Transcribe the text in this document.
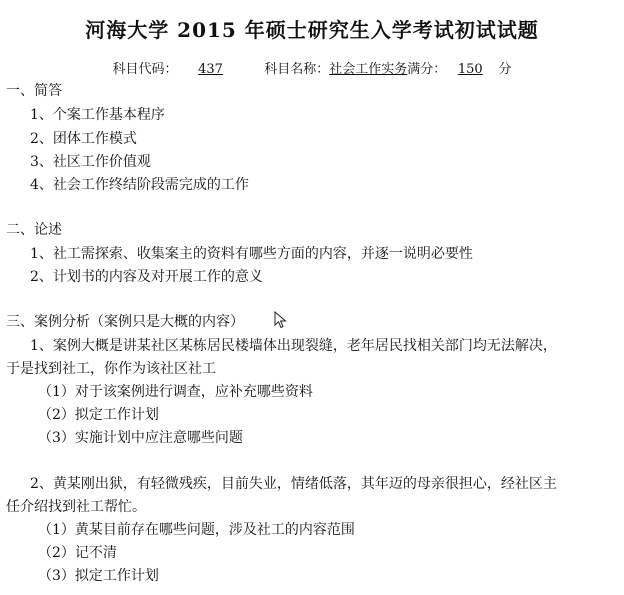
河海大学 2015 年硕士研究生入学考试初试试题
科目代码： 437	科目名称：社会工作实务满分： 150 分
一、简答
1、个案工作基本程序
2、团体工作模式
3、社区工作价值观
4、社会工作终结阶段需完成的工作
二、论述
1、社工需探索、收集案主的资料有哪些方面的内容，并逐一说明必要性
2、计划书的内容及对开展工作的意义
三、案例分析（案例只是大概的内容）
1、案例大概是讲某社区某栋居民楼墙体出现裂缝，老年居民找相关部门均无法解决，
于是找到社工，你作为该社区社工
（1）对于该案例进行调查，应补充哪些资料
（2）拟定工作计划
（3）实施计划中应注意哪些问题
2、黄某刚出狱，有轻微残疾，目前失业，情绪低落，其年迈的母亲很担心，经社区主
任介绍找到社工帮忙。
（1）黄某目前存在哪些问题，涉及社工的内容范围
（2）记不清
（3）拟定工作计划
